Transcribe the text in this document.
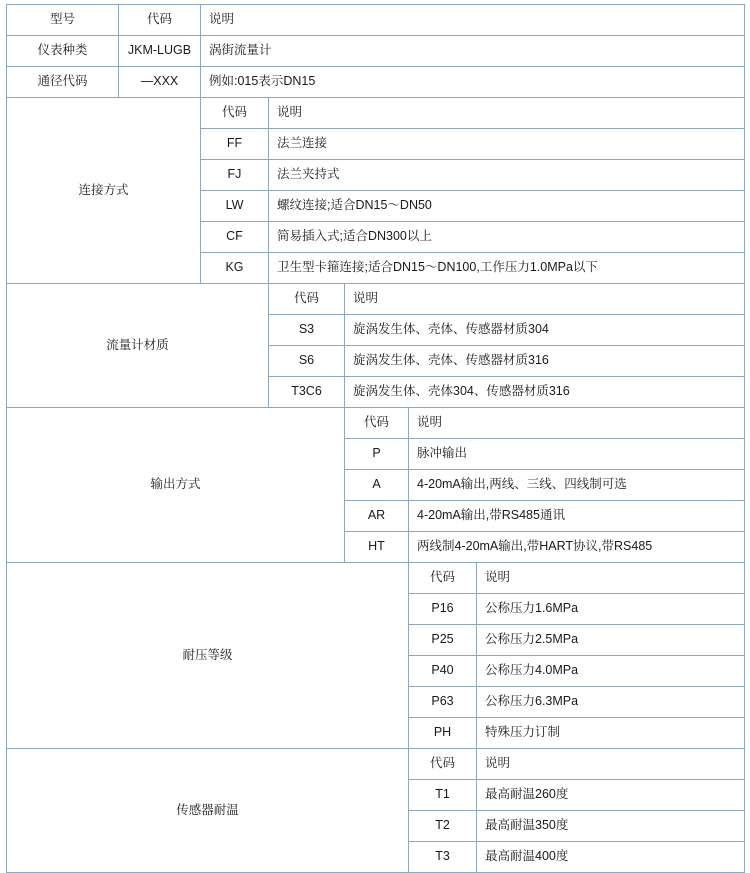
型号	代码	说明				
仪表种类	JKM-LUGB	涡街流量计				
通径代码	—XXX	例如:015表示DN15				
连接方式		代码	说明			
		FF	法兰连接			
		FJ	法兰夹持式			
		LW	螺纹连接;适合DN15～DN50			
		CF	简易插入式;适合DN300以上			
		KG	卫生型卡箍连接;适合DN15～DN100,工作压力1.0MPa以下			
流量计材质			代码	说明		
			S3	旋涡发生体、壳体、传感器材质304		
			S6	旋涡发生体、壳体、传感器材质316		
			T3C6	旋涡发生体、壳体304、传感器材质316		
输出方式				代码	说明	
				P	脉冲输出	
				A	4-20mA输出,两线、三线、四线制可选	
				AR	4-20mA输出,带RS485通讯	
				HT	两线制4-20mA输出,带HART协议,带RS485	
耐压等级					代码	说明
					P16	公称压力1.6MPa
					P25	公称压力2.5MPa
					P40	公称压力4.0MPa
					P63	公称压力6.3MPa
					PH	特殊压力订制
传感器耐温					代码	说明
					T1	最高耐温260度
					T2	最高耐温350度
					T3	最高耐温400度
